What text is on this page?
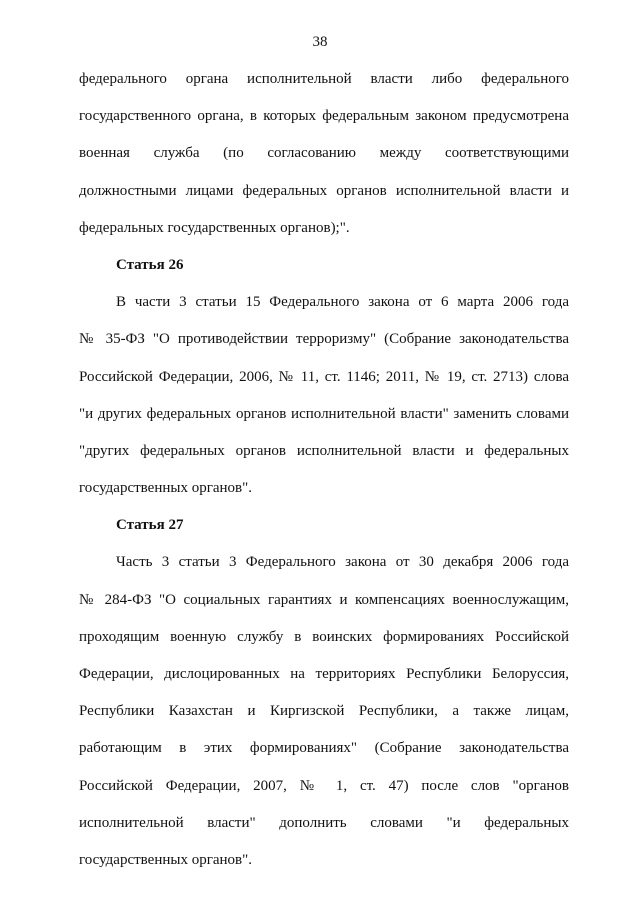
38
федерального органа исполнительной власти либо федерального
государственного органа, в которых федеральным законом предусмотрена
военная служба (по согласованию между соответствующими
должностными лицами федеральных органов исполнительной власти и
федеральных государственных органов);".
Статья 26
В части 3 статьи 15 Федерального закона от 6 марта 2006 года
№ 35-ФЗ "О противодействии терроризму" (Собрание законодательства
Российской Федерации, 2006, № 11, ст. 1146; 2011, № 19, ст. 2713) слова
"и других федеральных органов исполнительной власти" заменить словами
"других федеральных органов исполнительной власти и федеральных
государственных органов".
Статья 27
Часть 3 статьи 3 Федерального закона от 30 декабря 2006 года
№ 284-ФЗ "О социальных гарантиях и компенсациях военнослужащим,
проходящим военную службу в воинских формированиях Российской
Федерации, дислоцированных на территориях Республики Белоруссия,
Республики Казахстан и Киргизской Республики, а также лицам,
работающим в этих формированиях" (Собрание законодательства
Российской Федерации, 2007, № 1, ст. 47) после слов "органов
исполнительной власти" дополнить словами "и федеральных
государственных органов".
